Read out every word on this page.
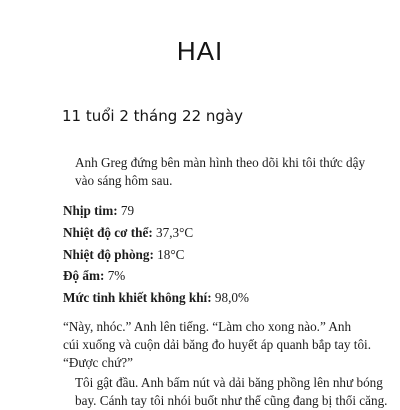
HAI
11 tuổi 2 tháng 22 ngày
Anh Greg đứng bên màn hình theo dõi khi tôi thức dậy
vào sáng hôm sau.
Nhịp tim: 79
Nhiệt độ cơ thể: 37,3°C
Nhiệt độ phòng: 18°C
Độ ẩm: 7%
Mức tinh khiết không khí: 98,0%
“Này, nhóc.” Anh lên tiếng. “Làm cho xong nào.” Anh
cúi xuống và cuộn dải băng đo huyết áp quanh bắp tay tôi.
“Được chứ?”
Tôi gật đầu. Anh bấm nút và dải băng phồng lên như bóng
bay. Cánh tay tôi nhói buốt như thể cũng đang bị thổi căng.
